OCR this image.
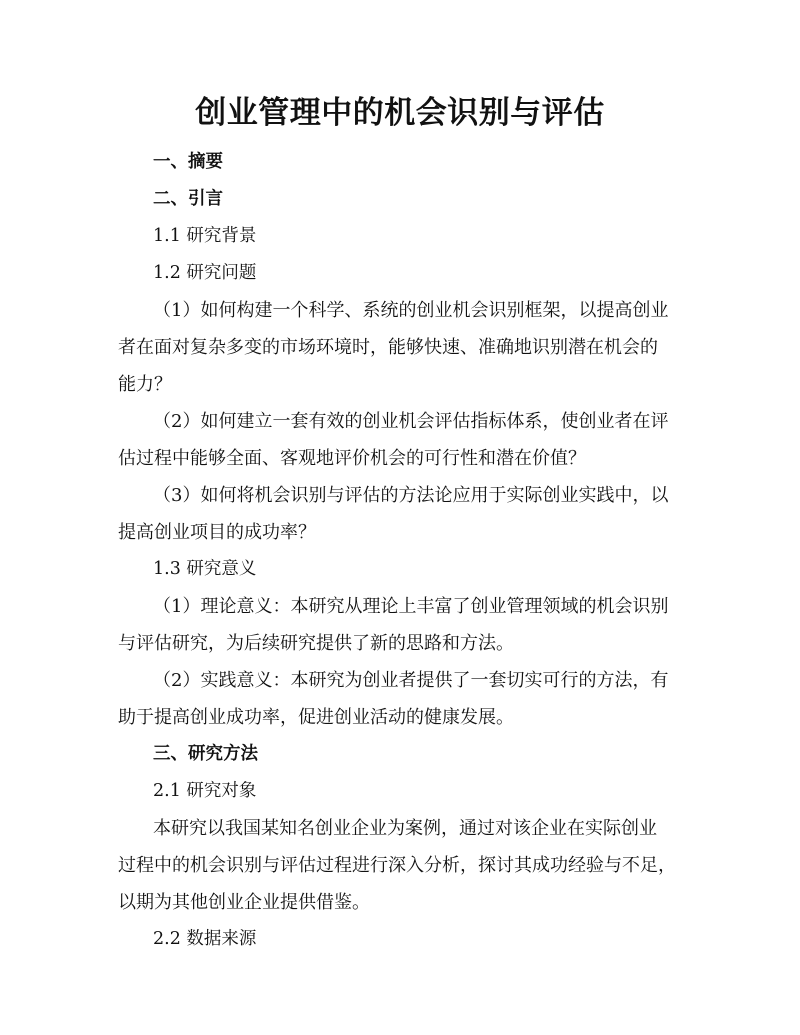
创业管理中的机会识别与评估
一、摘要
二、引言
1.1 研究背景
1.2 研究问题
（1）如何构建一个科学、系统的创业机会识别框架，以提高创业
者在面对复杂多变的市场环境时，能够快速、准确地识别潜在机会的
能力？
（2）如何建立一套有效的创业机会评估指标体系，使创业者在评
估过程中能够全面、客观地评价机会的可行性和潜在价值？
（3）如何将机会识别与评估的方法论应用于实际创业实践中，以
提高创业项目的成功率？
1.3 研究意义
（1）理论意义：本研究从理论上丰富了创业管理领域的机会识别
与评估研究，为后续研究提供了新的思路和方法。
（2）实践意义：本研究为创业者提供了一套切实可行的方法，有
助于提高创业成功率，促进创业活动的健康发展。
三、研究方法
2.1 研究对象
本研究以我国某知名创业企业为案例，通过对该企业在实际创业
过程中的机会识别与评估过程进行深入分析，探讨其成功经验与不足，
以期为其他创业企业提供借鉴。
2.2 数据来源
